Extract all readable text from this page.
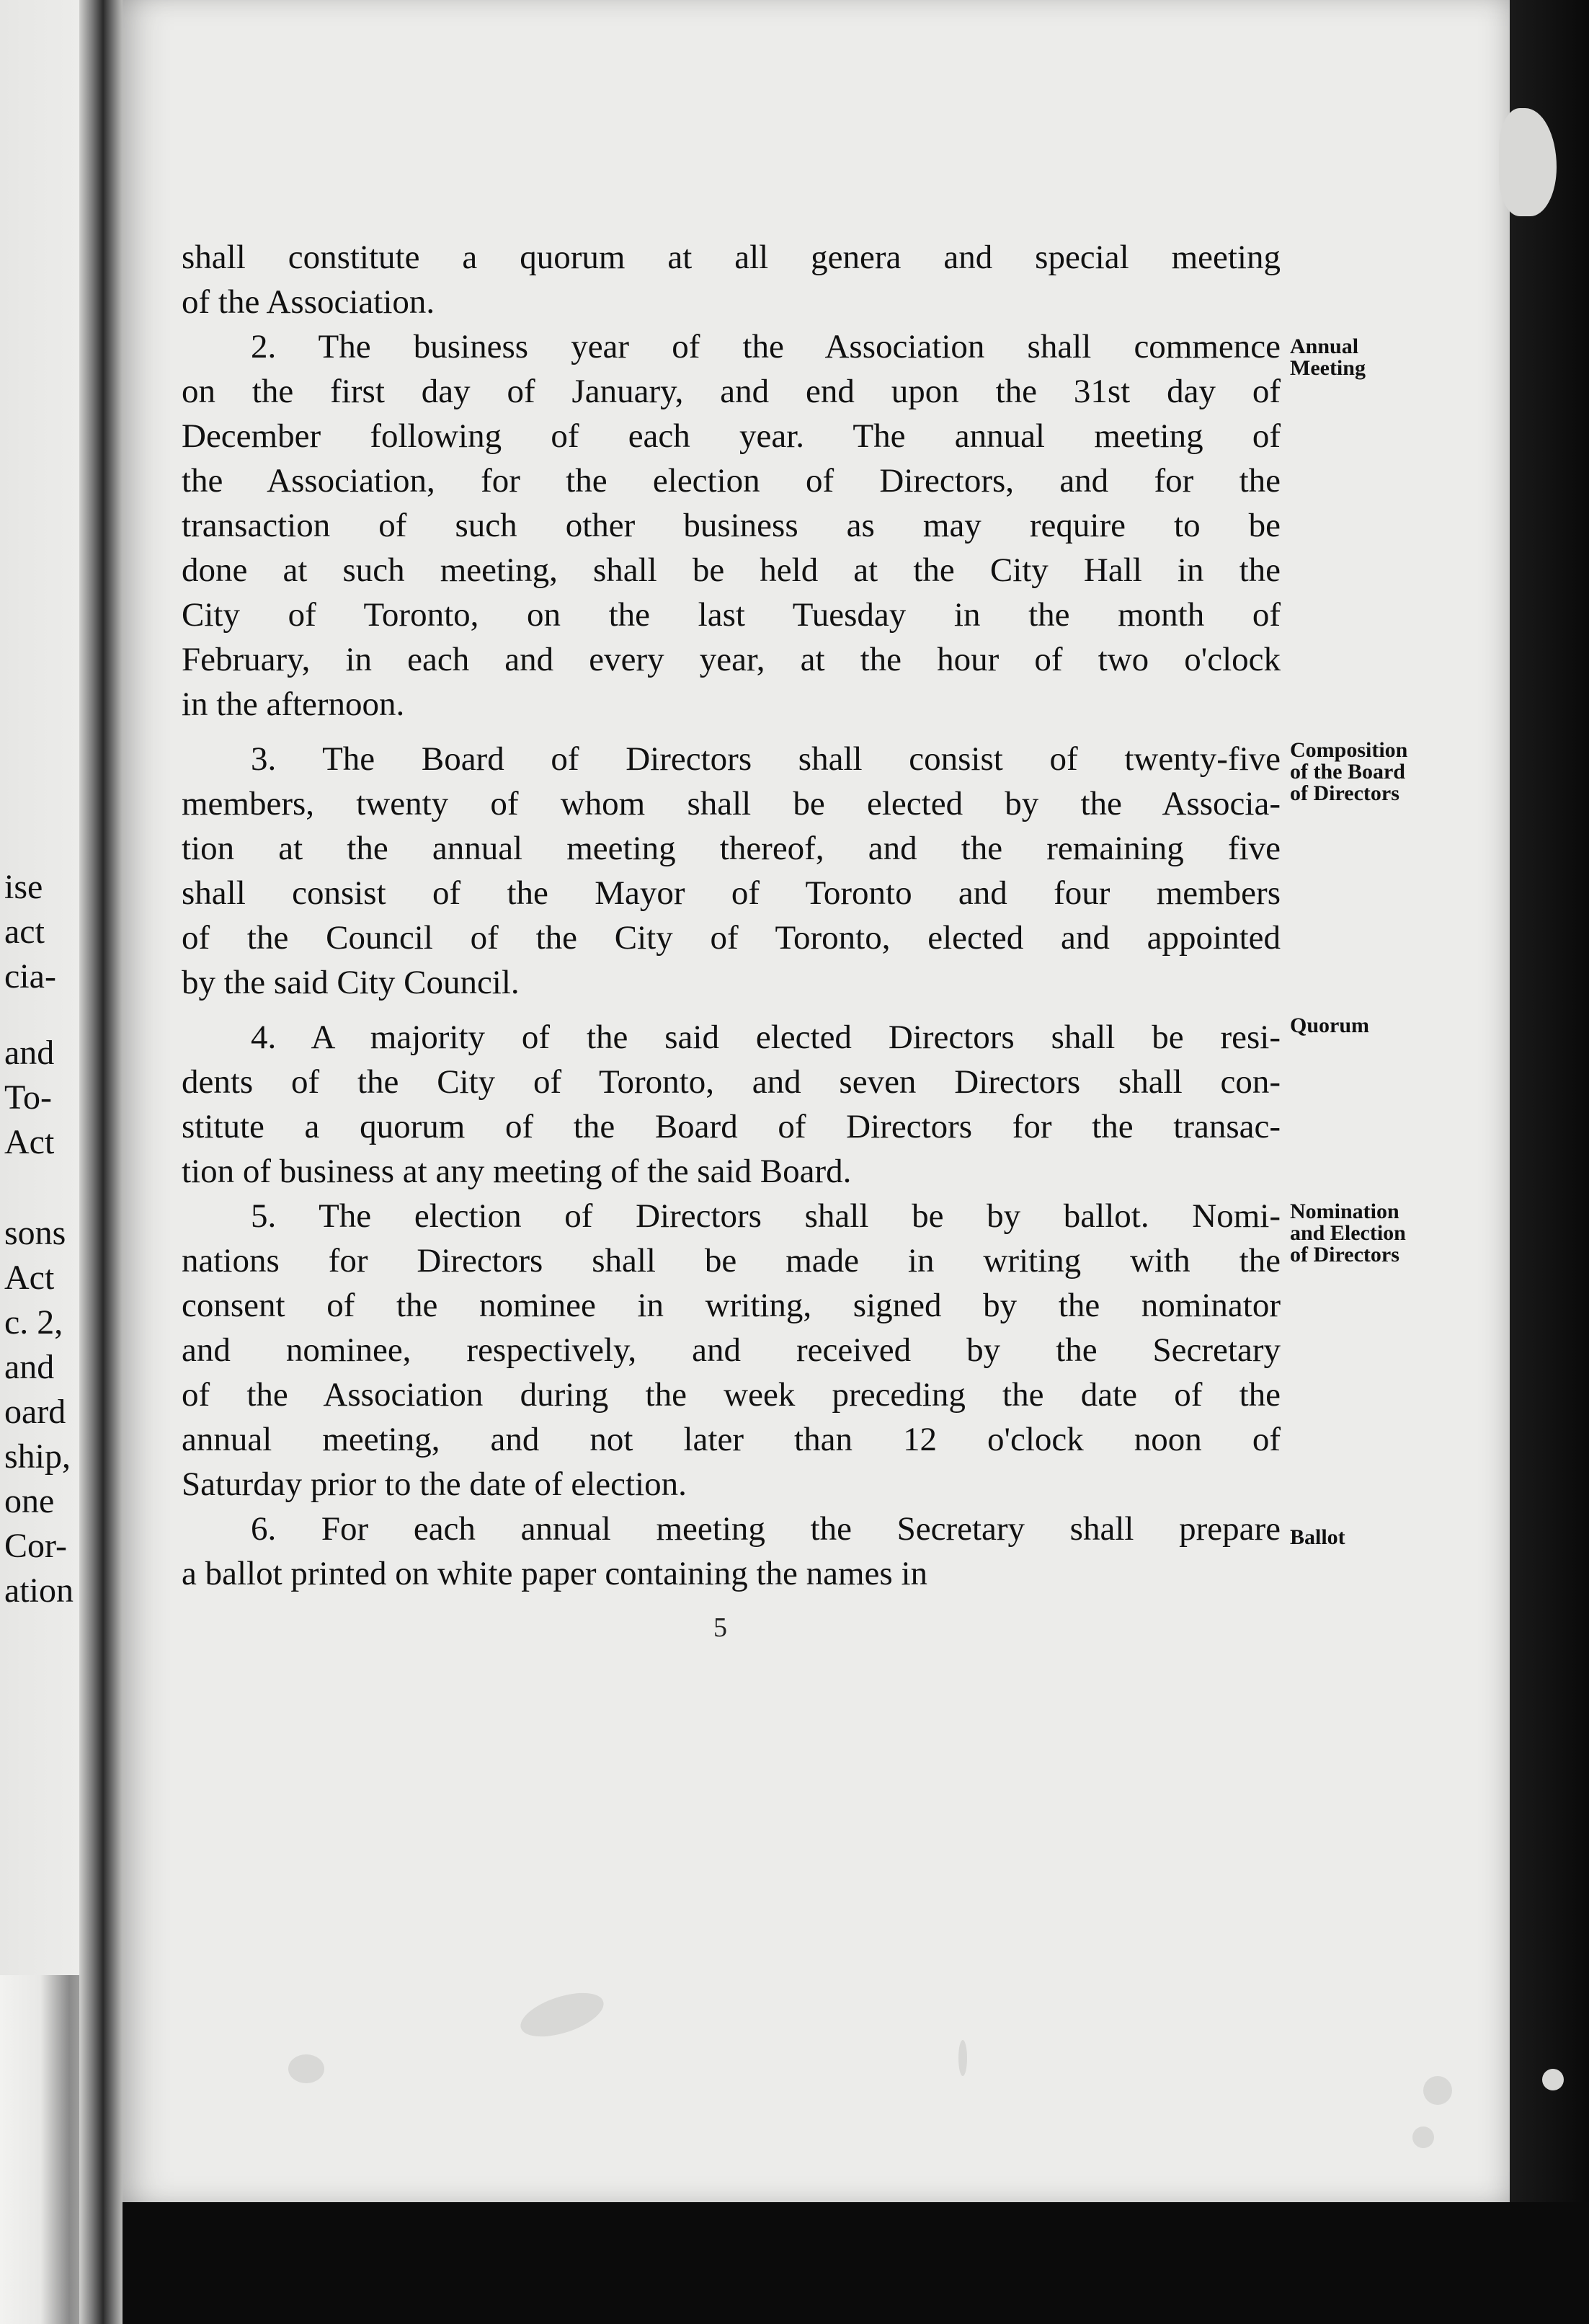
ise
act
cia-
and
To-
Act
sons
Act
c. 2,
and
oard
ship,
one
Cor-
ation
shall constitute a quorum at all genera and special meeting
of the Association.
2. The business year of the Association shall commence
on the first day of January, and end upon the 31st day of
December following of each year. The annual meeting of
the Association, for the election of Directors, and for the
transaction of such other business as may require to be
done at such meeting, shall be held at the City Hall in the
City of Toronto, on the last Tuesday in the month of
February, in each and every year, at the hour of two o'clock
in the afternoon.
3. The Board of Directors shall consist of twenty-five
members, twenty of whom shall be elected by the Associa-
tion at the annual meeting thereof, and the remaining five
shall consist of the Mayor of Toronto and four members
of the Council of the City of Toronto, elected and appointed
by the said City Council.
4. A majority of the said elected Directors shall be resi-
dents of the City of Toronto, and seven Directors shall con-
stitute a quorum of the Board of Directors for the transac-
tion of business at any meeting of the said Board.
5. The election of Directors shall be by ballot. Nomi-
nations for Directors shall be made in writing with the
consent of the nominee in writing, signed by the nominator
and nominee, respectively, and received by the Secretary
of the Association during the week preceding the date of the
annual meeting, and not later than 12 o'clock noon of
Saturday prior to the date of election.
6. For each annual meeting the Secretary shall prepare
a ballot printed on white paper containing the names in
Annual
Meeting
Composition
of the Board
of Directors
Quorum
Nomination
and Election
of Directors
Ballot
5
